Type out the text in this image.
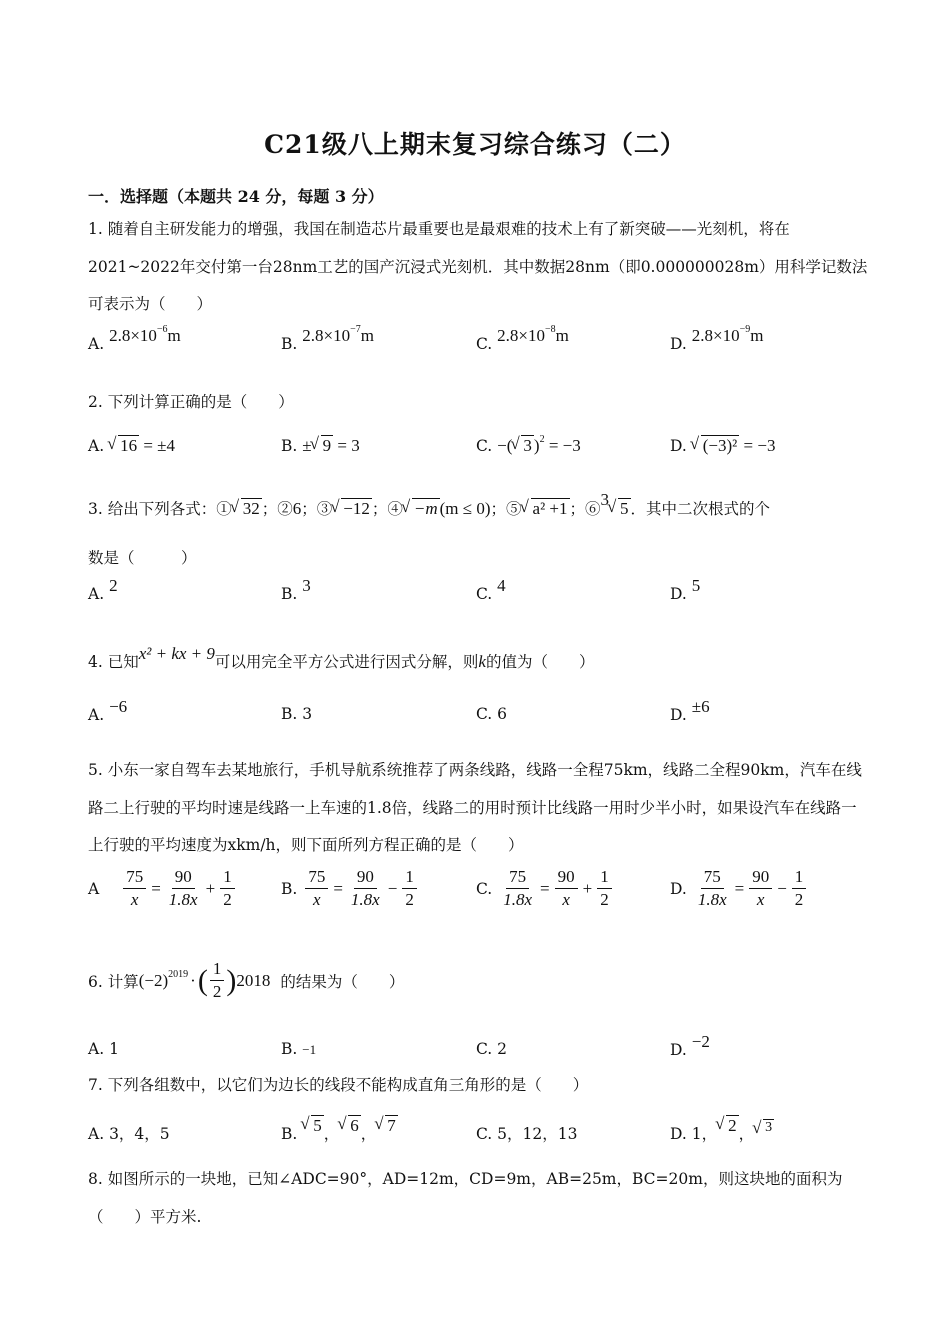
C21级八上期末复习综合练习（二）
一．选择题（本题共 24 分，每题 3 分）
1. 随着自主研发能力的增强，我国在制造芯片最重要也是最艰难的技术上有了新突破——光刻机，将在2021~2022年交付第一台28nm工艺的国产沉浸式光刻机．其中数据28nm（即0.000000028m）用科学记数法可表示为（　　）
A. $2.8\times 10^{-6}m$	B. $2.8\times 10^{-7}m$	C. $2.8\times 10^{-8}m$	D. $2.8\times 10^{-9}m$
2. 下列计算正确的是（　　）
A. √ 16 = ±4	B. ± √ 9 = 3	C. −( √ 3 )$^2$ = −3	D. √ (−3)² = −3
3. 给出下列各式：① √ 32 ；②6；③ √ −12 ；④ √ −m (m ≤ 0)；⑤ √ a² +1 ；⑥$^3$ √ 5 ．其中二次根式的个
数是（　　　）
A. 2	B. 3	C. 4	D. 5
4. 已知x² + kx + 9可以用完全平方公式进行因式分解，则k的值为（　　）
A. −6	B. 3	C. 6	D. ±6
5. 小东一家自驾车去某地旅行，手机导航系统推荐了两条线路，线路一全程75km，线路二全程90km，汽车在线路二上行驶的平均时速是线路一上车速的1.8倍，线路二的用时预计比线路一用时少半小时，如果设汽车在线路一上行驶的平均速度为xkm/h，则下面所列方程正确的是（　　）
A $\frac{75}{x} = \frac{90}{1.8x} + \frac{1}{2}$	B. $\frac{75}{x} = \frac{90}{1.8x} - \frac{1}{2}$	C. $\frac{75}{1.8x} = \frac{90}{x} + \frac{1}{2}$	D. $\frac{75}{1.8x} = \frac{90}{x} - \frac{1}{2}$
6. 计算 $(-2)^{2019}$ · ( $\frac{1}{2}$ ) 2018 的结果为（　　）
A. 1	B. −1	C. 2	D. −2
7. 下列各组数中，以它们为边长的线段不能构成直角三角形的是（　　）
A. 3，4，5	B. √ 5 ， √ 6 ， √ 7	C. 5，12，13	D. 1， √ 2 ， √ 3
8. 如图所示的一块地，已知∠ADC=90°，AD=12m，CD=9m，AB=25m，BC=20m，则这块地的面积为（　　）平方米.
